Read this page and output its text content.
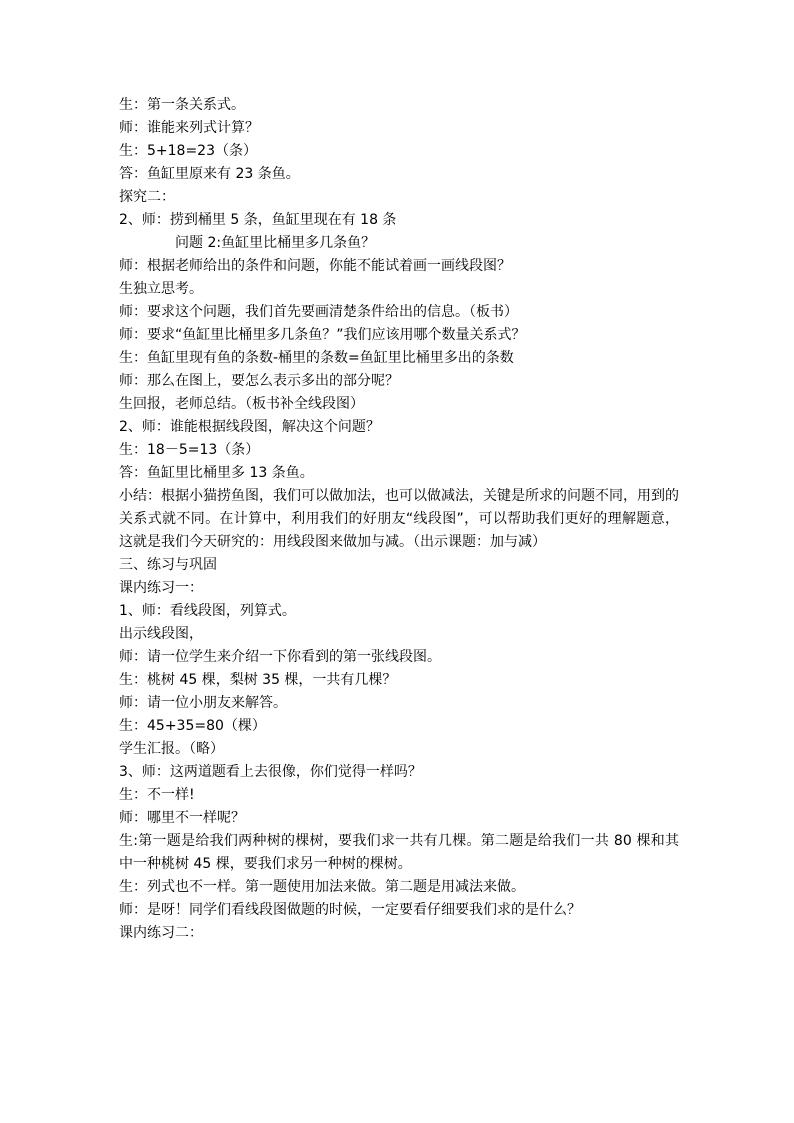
生：第一条关系式。
师：谁能来列式计算？
生：5+18=23（条）
答：鱼缸里原来有 23 条鱼。
探究二：
2、师：捞到桶里 5 条，鱼缸里现在有 18 条
问题 2:鱼缸里比桶里多几条鱼？
师：根据老师给出的条件和问题，你能不能试着画一画线段图？
生独立思考。
师：要求这个问题，我们首先要画清楚条件给出的信息。（板书）
师：要求“鱼缸里比桶里多几条鱼？”我们应该用哪个数量关系式？
生：鱼缸里现有鱼的条数-桶里的条数=鱼缸里比桶里多出的条数
师：那么在图上，要怎么表示多出的部分呢？
生回报，老师总结。（板书补全线段图）
2、师：谁能根据线段图，解决这个问题？
生：18－5=13（条）
答：鱼缸里比桶里多 13 条鱼。
小结：根据小猫捞鱼图，我们可以做加法，也可以做减法，关键是所求的问题不同，用到的关系式就不同。在计算中，利用我们的好朋友“线段图”，可以帮助我们更好的理解题意，这就是我们今天研究的：用线段图来做加与减。（出示课题：加与减）
三、练习与巩固
课内练习一：
1、师：看线段图，列算式。
出示线段图，
师：请一位学生来介绍一下你看到的第一张线段图。
生：桃树 45 棵，梨树 35 棵，一共有几棵？
师：请一位小朋友来解答。
生：45+35=80（棵）
学生汇报。（略）
3、师：这两道题看上去很像，你们觉得一样吗？
生：不一样!
师：哪里不一样呢？
生:第一题是给我们两种树的棵树，要我们求一共有几棵。第二题是给我们一共 80 棵和其中一种桃树 45 棵，要我们求另一种树的棵树。
生：列式也不一样。第一题使用加法来做。第二题是用减法来做。
师：是呀！同学们看线段图做题的时候，一定要看仔细要我们求的是什么？
课内练习二：
